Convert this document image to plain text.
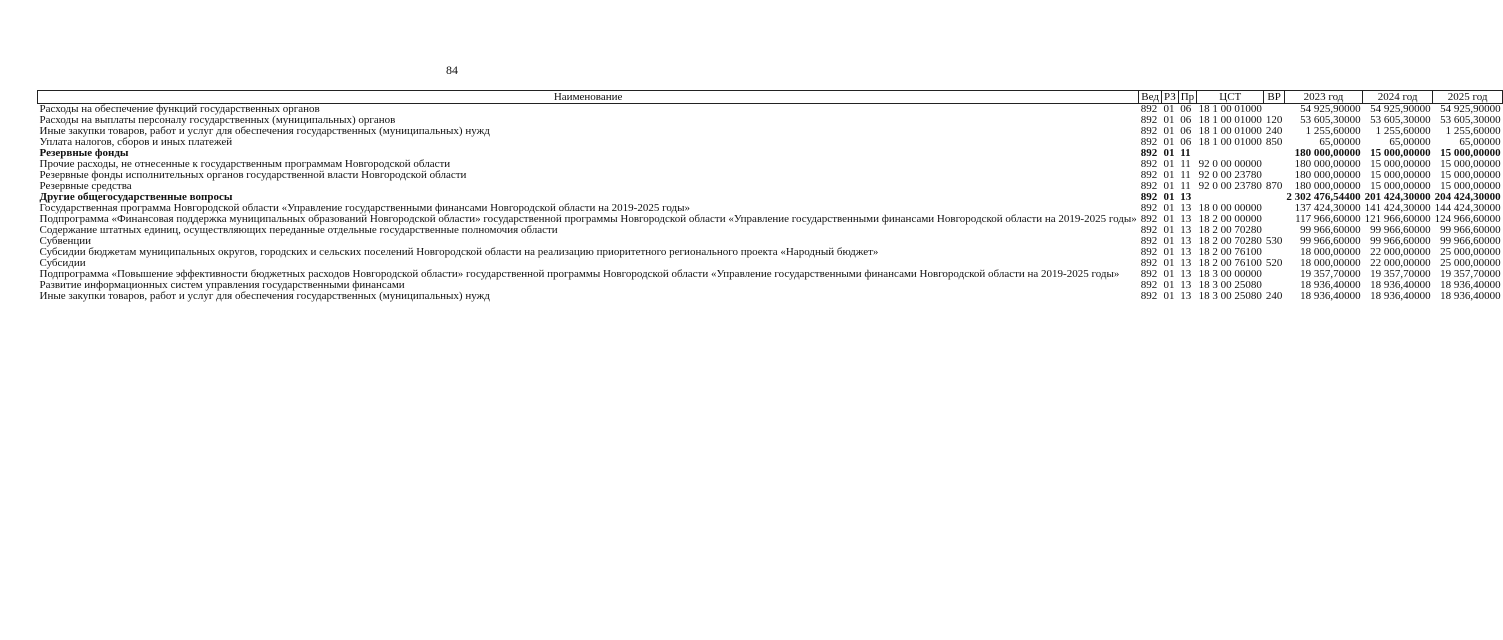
84
Наименование	Вед	РЗ	Пр	ЦСТ	ВР	2023 год	2024 год	2025 год
Расходы на обеспечение функций государственных органов	892	01	06	18 1 00 01000		54 925,90000	54 925,90000	54 925,90000
Расходы на выплаты персоналу государственных (муниципальных) органов	892	01	06	18 1 00 01000	120	53 605,30000	53 605,30000	53 605,30000
Иные закупки товаров, работ и услуг для обеспечения государственных (муниципальных) нужд	892	01	06	18 1 00 01000	240	1 255,60000	1 255,60000	1 255,60000
Уплата налогов, сборов и иных платежей	892	01	06	18 1 00 01000	850	65,00000	65,00000	65,00000
Резервные фонды	892	01	11			180 000,00000	15 000,00000	15 000,00000
Прочие расходы, не отнесенные к государственным программам Новгородской области	892	01	11	92 0 00 00000		180 000,00000	15 000,00000	15 000,00000
Резервные фонды исполнительных органов государственной власти Новгородской области	892	01	11	92 0 00 23780		180 000,00000	15 000,00000	15 000,00000
Резервные средства	892	01	11	92 0 00 23780	870	180 000,00000	15 000,00000	15 000,00000
Другие общегосударственные вопросы	892	01	13			2 302 476,54400	201 424,30000	204 424,30000
Государственная программа Новгородской области «Управление государственными финансами Новгородской области на 2019-2025 годы»	892	01	13	18 0 00 00000		137 424,30000	141 424,30000	144 424,30000
Подпрограмма «Финансовая поддержка муниципальных образований Новгородской области» государственной программы Новгородской области «Управление государственными финансами Новгородской области на 2019-2025 годы»	892	01	13	18 2 00 00000		117 966,60000	121 966,60000	124 966,60000
Содержание штатных единиц, осуществляющих переданные отдельные государственные полномочия области	892	01	13	18 2 00 70280		99 966,60000	99 966,60000	99 966,60000
Субвенции	892	01	13	18 2 00 70280	530	99 966,60000	99 966,60000	99 966,60000
Субсидии бюджетам муниципальных округов, городских и сельских поселений Новгородской области на реализацию приоритетного регионального проекта «Народный бюджет»	892	01	13	18 2 00 76100		18 000,00000	22 000,00000	25 000,00000
Субсидии	892	01	13	18 2 00 76100	520	18 000,00000	22 000,00000	25 000,00000
Подпрограмма «Повышение эффективности бюджетных расходов Новгородской области» государственной программы Новгородской области «Управление государственными финансами Новгородской области на 2019-2025 годы»	892	01	13	18 3 00 00000		19 357,70000	19 357,70000	19 357,70000
Развитие информационных систем управления государственными финансами	892	01	13	18 3 00 25080		18 936,40000	18 936,40000	18 936,40000
Иные закупки товаров, работ и услуг для обеспечения государственных (муниципальных) нужд	892	01	13	18 3 00 25080	240	18 936,40000	18 936,40000	18 936,40000
